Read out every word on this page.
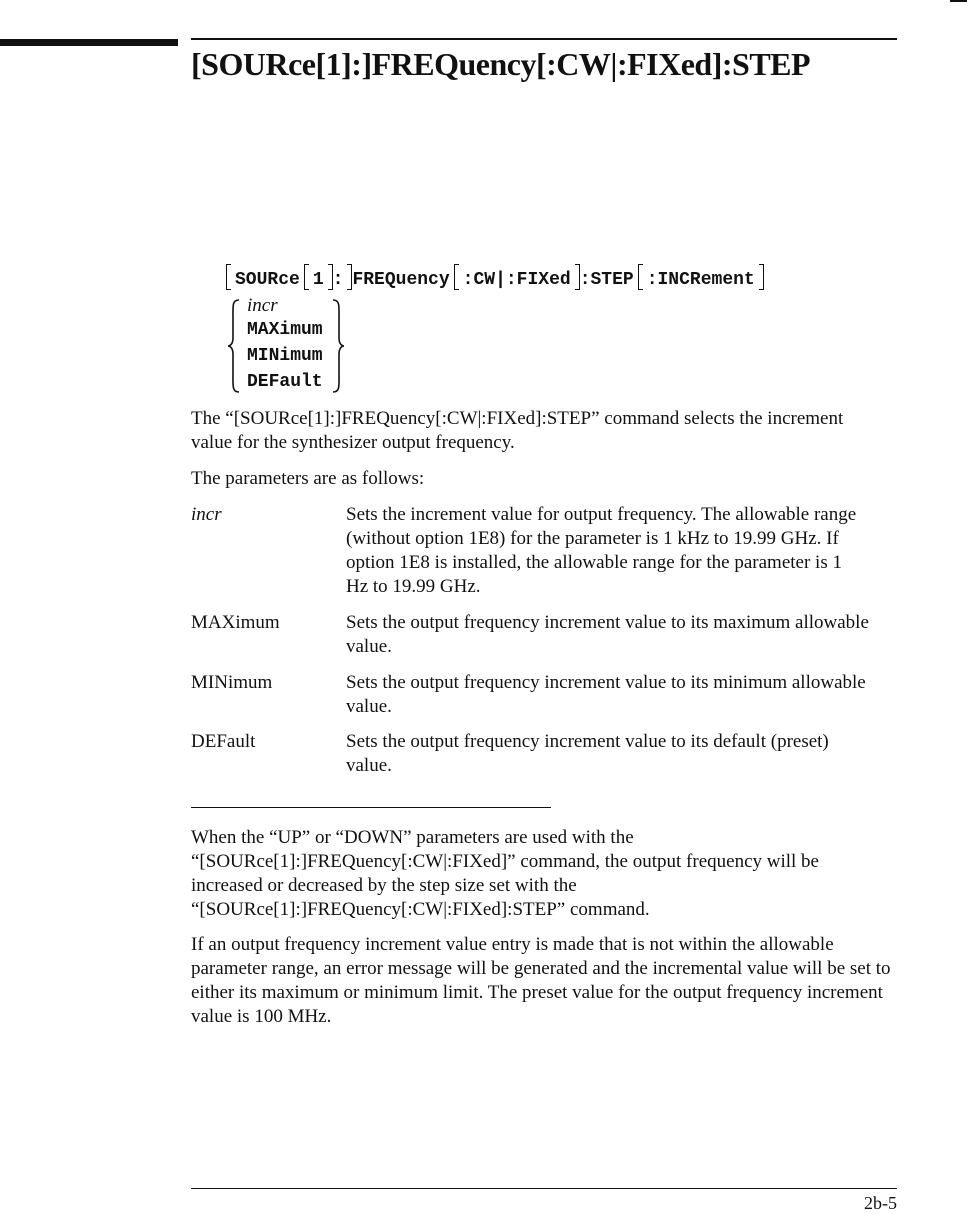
[SOURce[1]:]FREQuency[:CW|:FIXed]:STEP
SOURce 1 : FREQuency :CW|:FIXed :STEP :INCRement
incr
MAXimum
MINimum
DEFault
The “[SOURce[1]:]FREQuency[:CW|:FIXed]:STEP” command selects the increment value for the synthesizer output frequency.
The parameters are as follows:
incr	Sets the increment value for output frequency. The allowable range (without option 1E8) for the parameter is 1 kHz to 19.99 GHz. If option 1E8 is installed, the allowable range for the parameter is 1 Hz to 19.99 GHz.
MAXimum	Sets the output frequency increment value to its maximum allowable value.
MINimum	Sets the output frequency increment value to its minimum allowable value.
DEFault	Sets the output frequency increment value to its default (preset) value.
When the “UP” or “DOWN” parameters are used with the “[SOURce[1]:]FREQuency[:CW|:FIXed]” command, the output frequency will be increased or decreased by the step size set with the “[SOURce[1]:]FREQuency[:CW|:FIXed]:STEP” command.
If an output frequency increment value entry is made that is not within the allowable parameter range, an error message will be generated and the incremental value will be set to either its maximum or minimum limit. The preset value for the output frequency increment value is 100 MHz.
2b-5
